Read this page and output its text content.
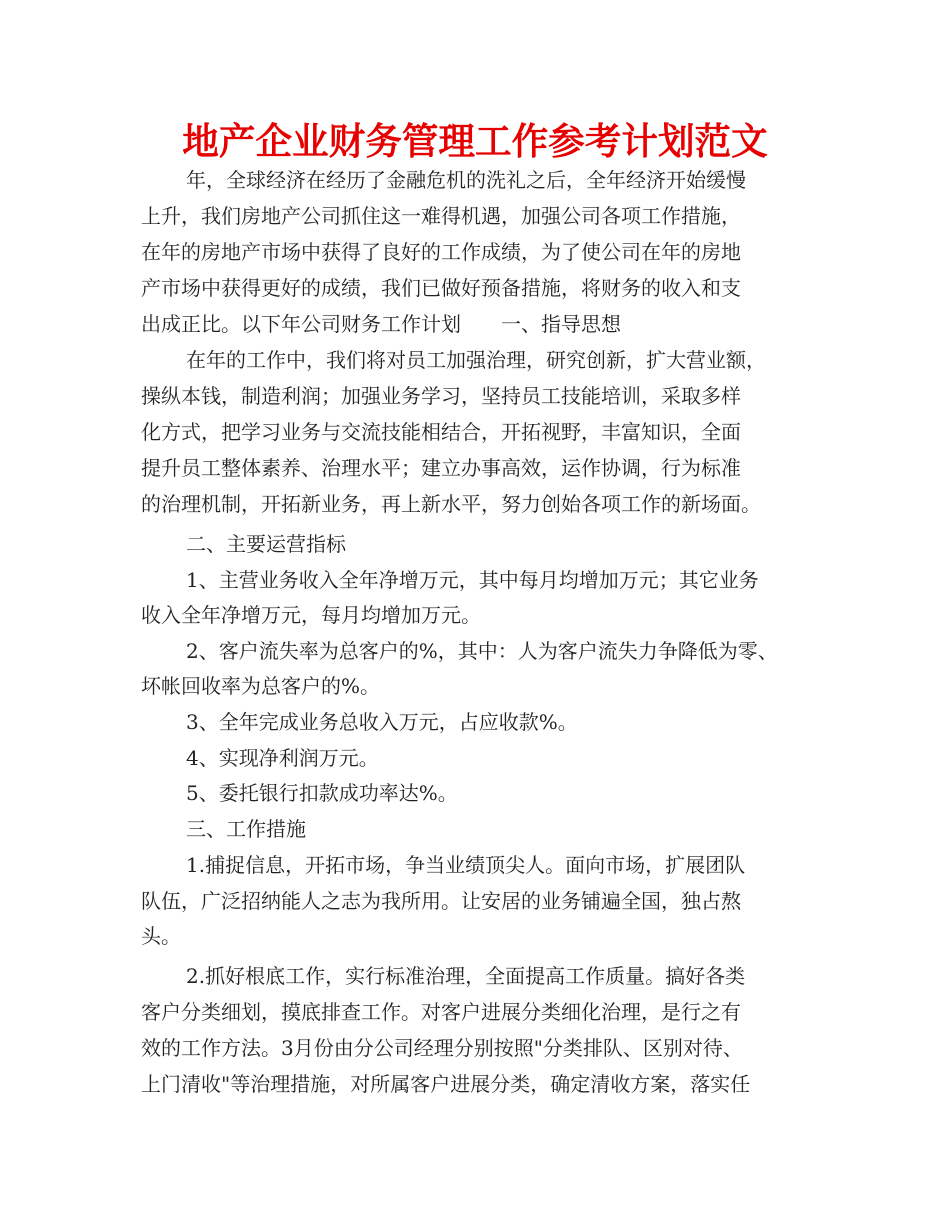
地产企业财务管理工作参考计划范文

年，全球经济在经历了金融危机的洗礼之后，全年经济开始缓慢

上升，我们房地产公司抓住这一难得机遇，加强公司各项工作措施，

在年的房地产市场中获得了良好的工作成绩，为了使公司在年的房地

产市场中获得更好的成绩，我们已做好预备措施，将财务的收入和支

出成正比。以下年公司财务工作计划　　一、指导思想

在年的工作中，我们将对员工加强治理，研究创新，扩大营业额，

操纵本钱，制造利润；加强业务学习，坚持员工技能培训，采取多样

化方式，把学习业务与交流技能相结合，开拓视野，丰富知识，全面

提升员工整体素养、治理水平；建立办事高效，运作协调，行为标准

的治理机制，开拓新业务，再上新水平，努力创始各项工作的新场面。

二、主要运营指标

1、主营业务收入全年净增万元，其中每月均增加万元；其它业务

收入全年净增万元，每月均增加万元。

2、客户流失率为总客户的%，其中：人为客户流失力争降低为零、

坏帐回收率为总客户的%。

3、全年完成业务总收入万元，占应收款%。

4、实现净利润万元。

5、委托银行扣款成功率达%。

三、工作措施

1.捕捉信息，开拓市场，争当业绩顶尖人。面向市场，扩展团队

队伍，广泛招纳能人之志为我所用。让安居的业务铺遍全国，独占熬

头。

2.抓好根底工作，实行标准治理，全面提高工作质量。搞好各类

客户分类细划，摸底排查工作。对客户进展分类细化治理，是行之有

效的工作方法。3月份由分公司经理分别按照"分类排队、区别对待、

上门清收"等治理措施，对所属客户进展分类，确定清收方案，落实任
